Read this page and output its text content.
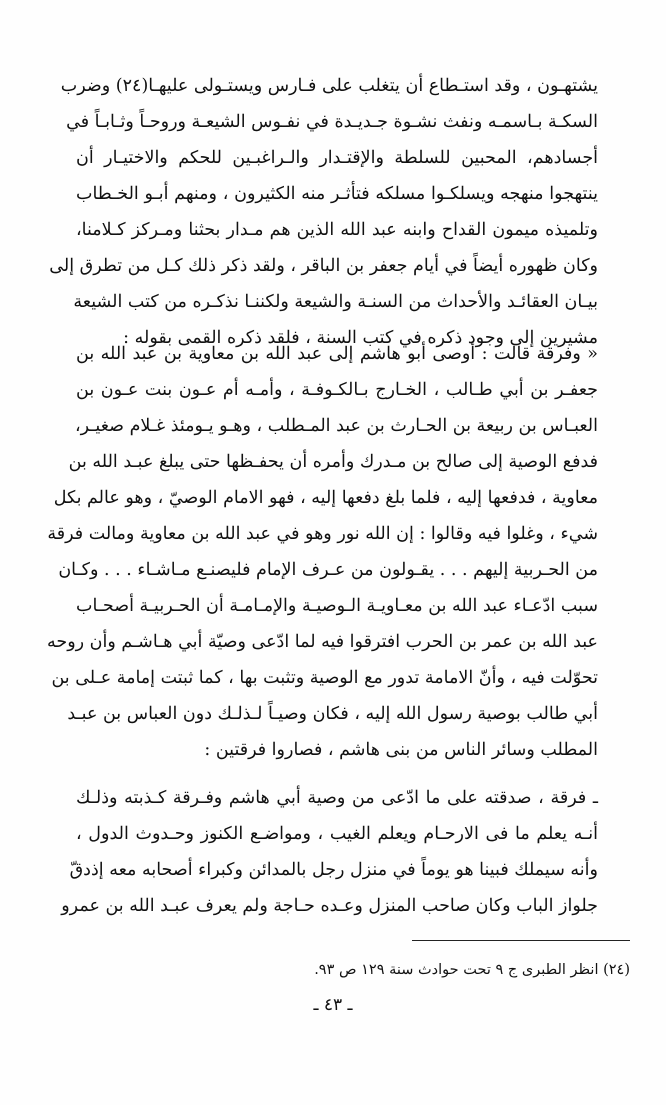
يشتهـون ، وقد استـطاع أن يتغلب على فـارس ويستـولى عليهـا(٢٤) وضرب
السكـة بـاسمـه ونفث نشـوة جـديـدة في نفـوس الشيعـة وروحـاً وثـابـاً في
أجسادهم، المحبين للسلطة والإقتـدار والـراغبـين للحكم والاختيـار أن
ينتهجوا منهجه ويسلكـوا مسلكه فتأثـر منه الكثيرون ، ومنهم أبـو الخـطاب
وتلميذه ميمون القداح وابنه عبد الله الذين هم مـدار بحثنا ومـركز كـلامنا،
وكان ظهوره أيضاً في أيام جعفر بن الباقر ، ولقد ذكر ذلك كـل من تطرق إلى
بيـان العقائـد والأحداث من السنـة والشيعة ولكننـا نذكـره من كتب الشيعة
مشيرين إلى وجود ذكره في كتب السنة ، فلقد ذكره القمى بقوله :
« وفرقة قالت : أوصى أبو هاشم إلى عبد الله بن معاوية بن عبد الله بن
جعفـر بن أبي طـالب ، الخـارج بـالكـوفـة ، وأمـه أم عـون بنت عـون بن
العبـاس بن ربيعة بن الحـارث بن عبد المـطلب ، وهـو يـومئذ غـلام صغيـر،
فدفع الوصية إلى صالح بن مـدرك وأمره أن يحفـظها حتى يبلغ عبـد الله بن
معاوية ، فدفعها إليه ، فلما بلغ دفعها إليه ، فهو الامام الوصيّ ، وهو عالم بكل
شيء ، وغلوا فيه وقالوا : إن الله نور وهو في عبد الله بن معاوية ومالت فرقة
من الحـربية إليهم . . . يقـولون من عـرف الإمام فليصنـع مـاشـاء . . . وكـان
سبب ادّعـاء عبد الله بن معـاويـة الـوصيـة والإمـامـة أن الحـربيـة أصحـاب
عبد الله بن عمر بن الحرب افترقوا فيه لما ادّعى وصيّة أبي هـاشـم وأن روحه
تحوّلت فيه ، وأنّ الامامة تدور مع الوصية وتثبت بها ، كما ثبتت إمامة عـلى بن
أبي طالب بوصية رسول الله إليه ، فكان وصيـاً لـذلـك دون العباس بن عبـد
المطلب وسائر الناس من بنى هاشم ، فصاروا فرقتين :
ـ فرقة ، صدقته على ما ادّعى من وصية أبي هاشم وفـرقة كـذبته وذلـك
أنـه يعلم ما فى الارحـام ويعلم الغيب ، ومواضـع الكنوز وحـدوث الدول ،
وأنه سيملك فبينا هو يوماً في منزل رجل بالمدائن وكبراء أصحابه معه إذدقّ
جلواز الباب وكان صاحب المنزل وعـده حـاجة ولم يعرف عبـد الله بن عمرو
(٢٤) انظر الطبرى ج ٩ تحت حوادث سنة ١٢٩ ص ٩٣.
ـ ٤٣ ـ
